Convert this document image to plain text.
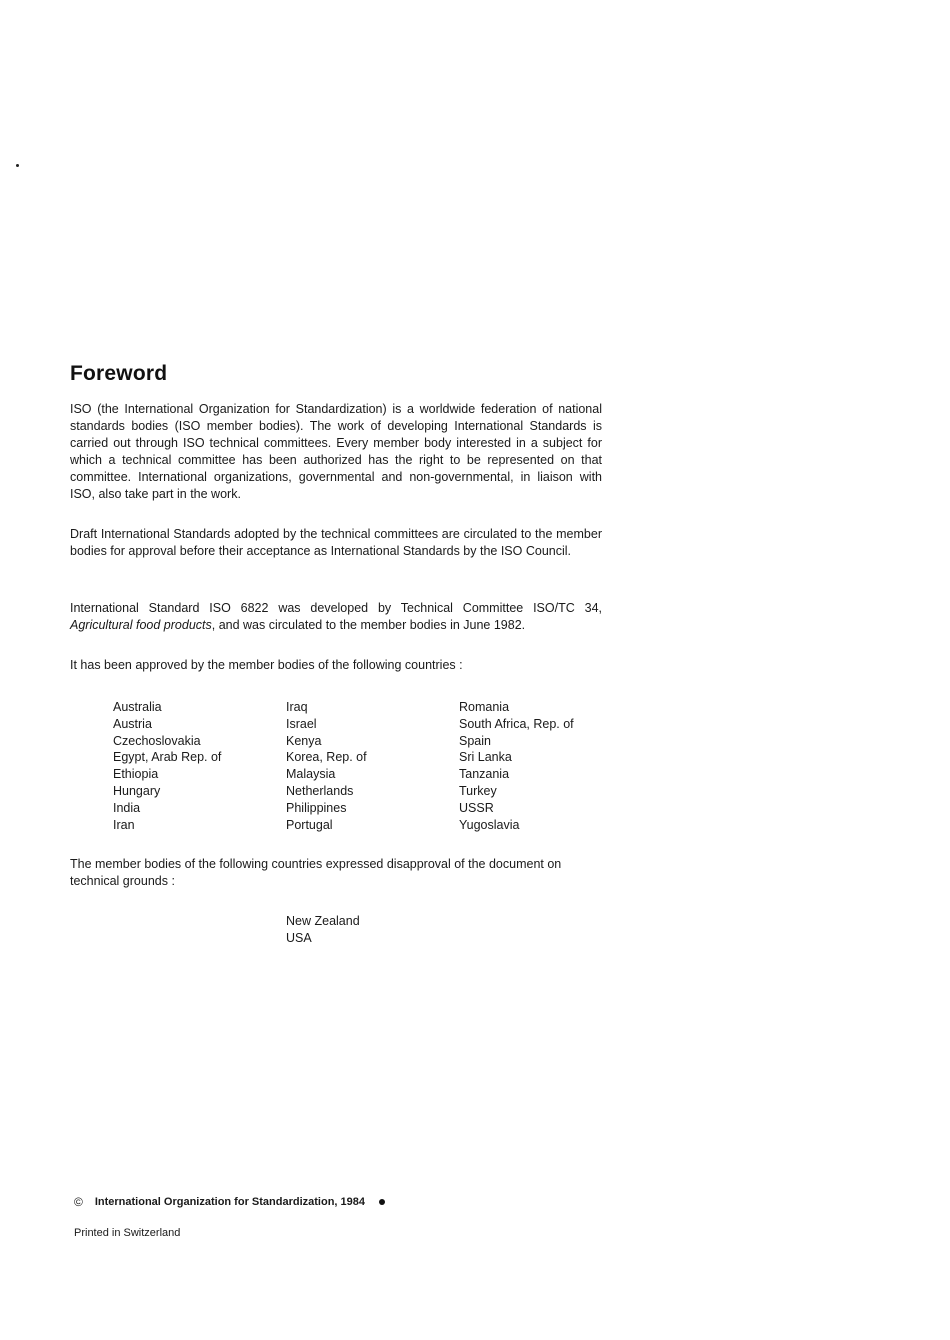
Foreword

ISO (the International Organization for Standardization) is a worldwide federation of national standards bodies (ISO member bodies). The work of developing International Standards is carried out through ISO technical committees. Every member body interested in a subject for which a technical committee has been authorized has the right to be represented on that committee. International organizations, governmental and non-governmental, in liaison with ISO, also take part in the work.

Draft International Standards adopted by the technical committees are circulated to the member bodies for approval before their acceptance as International Standards by the ISO Council.

International Standard ISO 6822 was developed by Technical Committee ISO/TC 34, Agricultural food products, and was circulated to the member bodies in June 1982.

It has been approved by the member bodies of the following countries :

Australia
Austria
Czechoslovakia
Egypt, Arab Rep. of
Ethiopia
Hungary
India
Iran
Iraq
Israel
Kenya
Korea, Rep. of
Malaysia
Netherlands
Philippines
Portugal
Romania
South Africa, Rep. of
Spain
Sri Lanka
Tanzania
Turkey
USSR
Yugoslavia

The member bodies of the following countries expressed disapproval of the document on technical grounds :

New Zealand
USA
© International Organization for Standardization, 1984
Printed in Switzerland
